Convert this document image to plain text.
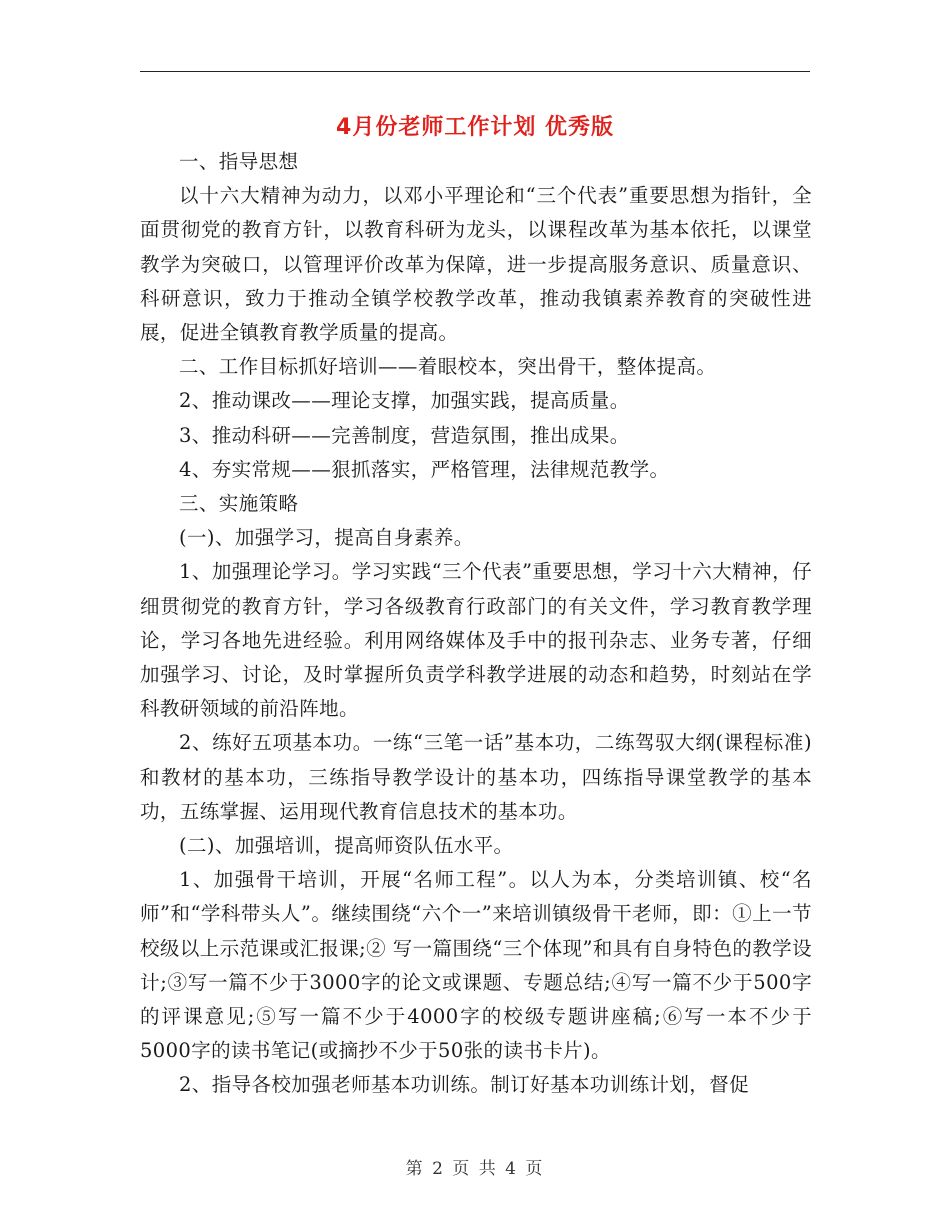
4月份老师工作计划 优秀版

一、指导思想

以十六大精神为动力，以邓小平理论和“三个代表”重要思想为指针，全面贯彻党的教育方针，以教育科研为龙头，以课程改革为基本依托，以课堂教学为突破口，以管理评价改革为保障，进一步提高服务意识、质量意识、科研意识，致力于推动全镇学校教学改革，推动我镇素养教育的突破性进展，促进全镇教育教学质量的提高。

二、工作目标抓好培训——着眼校本，突出骨干，整体提高。

2、推动课改——理论支撑，加强实践，提高质量。

3、推动科研——完善制度，营造氛围，推出成果。

4、夯实常规——狠抓落实，严格管理，法律规范教学。

三、实施策略

(一)、加强学习，提高自身素养。

1、加强理论学习。学习实践“三个代表”重要思想，学习十六大精神，仔细贯彻党的教育方针，学习各级教育行政部门的有关文件，学习教育教学理论，学习各地先进经验。利用网络媒体及手中的报刊杂志、业务专著，仔细加强学习、讨论，及时掌握所负责学科教学进展的动态和趋势，时刻站在学科教研领域的前沿阵地。

2、练好五项基本功。一练“三笔一话”基本功，二练驾驭大纲(课程标准)和教材的基本功，三练指导教学设计的基本功，四练指导课堂教学的基本功，五练掌握、运用现代教育信息技术的基本功。

(二)、加强培训，提高师资队伍水平。

1、加强骨干培训，开展“名师工程”。以人为本，分类培训镇、校“名师”和“学科带头人”。继续围绕“六个一”来培训镇级骨干老师，即：①上一节校级以上示范课或汇报课;② 写一篇围绕“三个体现”和具有自身特色的教学设计;③写一篇不少于3000字的论文或课题、专题总结;④写一篇不少于500字的评课意见;⑤写一篇不少于4000字的校级专题讲座稿;⑥写一本不少于5000字的读书笔记(或摘抄不少于50张的读书卡片)。

2、指导各校加强老师基本功训练。制订好基本功训练计划，督促

第 2 页 共 4 页
